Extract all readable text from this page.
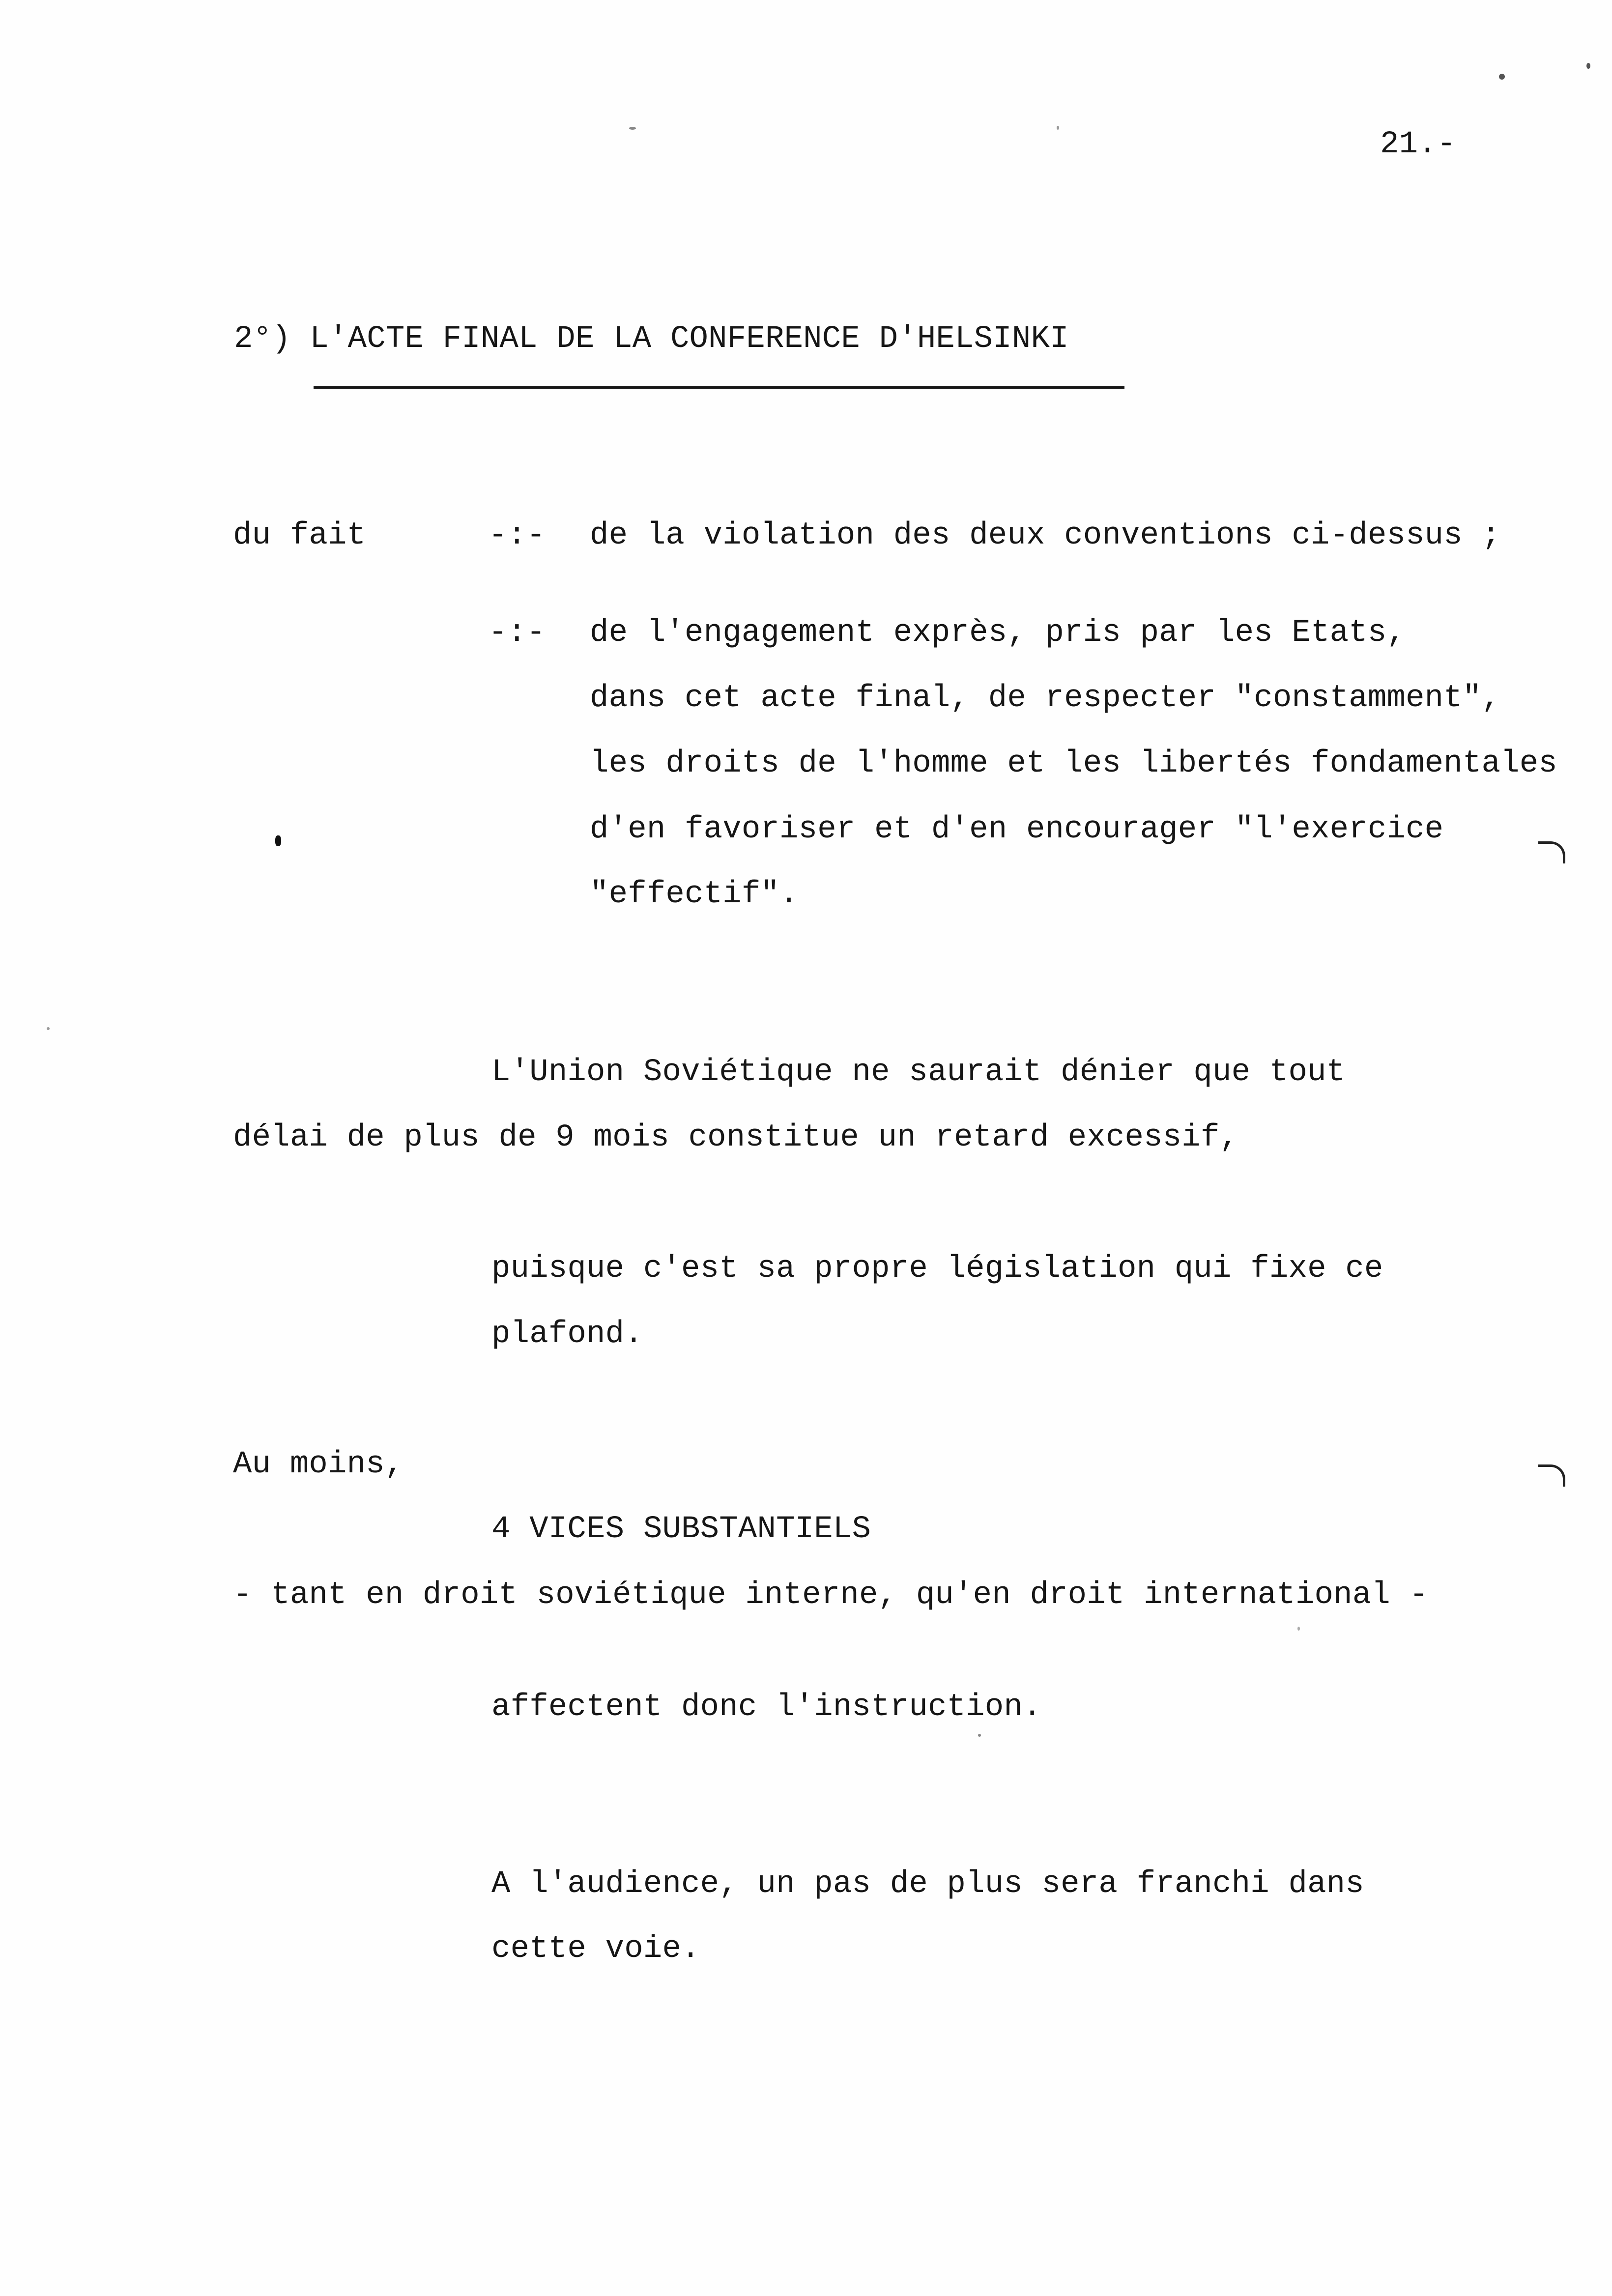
21.-
2°) L'ACTE FINAL DE LA CONFERENCE D'HELSINKI
du fait	-:- de la violation des deux conventions ci-dessus ;
-:- de l'engagement exprès, pris par les Etats,
dans cet acte final, de respecter "constamment",
les droits de l'homme et les libertés fondamentales
d'en favoriser et d'en encourager "l'exercice
"effectif".
L'Union Soviétique ne saurait dénier que tout
délai de plus de 9 mois constitue un retard excessif,
puisque c'est sa propre législation qui fixe ce
plafond.
Au moins,
4 VICES SUBSTANTIELS
- tant en droit soviétique interne, qu'en droit international -
affectent donc l'instruction.
A l'audience, un pas de plus sera franchi dans
cette voie.
